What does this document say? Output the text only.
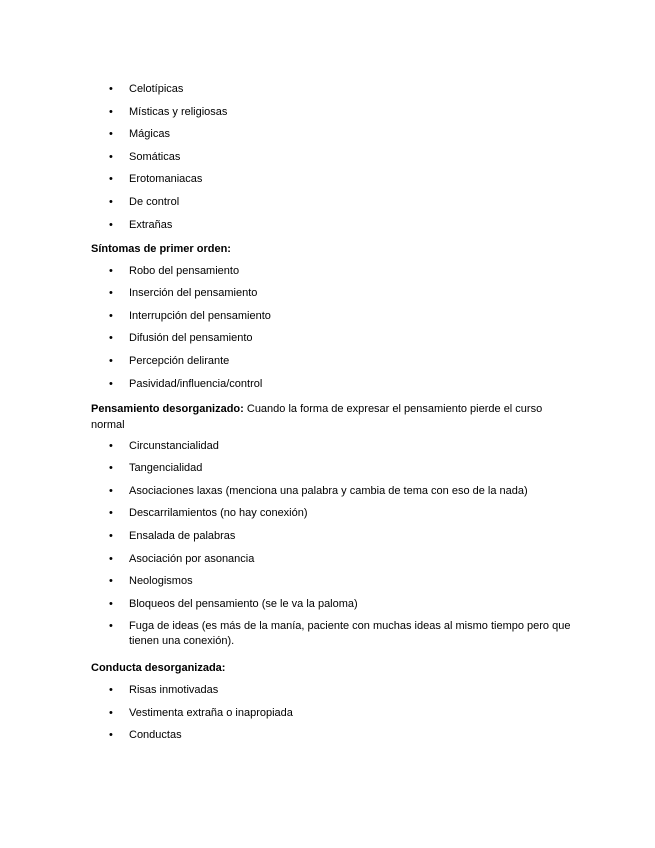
• Celotípicas
• Místicas y religiosas
• Mágicas
• Somáticas
• Erotomaniacas
• De control
• Extrañas
Síntomas de primer orden:
• Robo del pensamiento
• Inserción del pensamiento
• Interrupción del pensamiento
• Difusión del pensamiento
• Percepción delirante
• Pasividad/influencia/control
Pensamiento desorganizado: Cuando la forma de expresar el pensamiento pierde el curso normal
• Circunstancialidad
• Tangencialidad
• Asociaciones laxas (menciona una palabra y cambia de tema con eso de la nada)
• Descarrilamientos (no hay conexión)
• Ensalada de palabras
• Asociación por asonancia
• Neologismos
• Bloqueos del pensamiento (se le va la paloma)
• Fuga de ideas (es más de la manía, paciente con muchas ideas al mismo tiempo pero que tienen una conexión).
Conducta desorganizada:
• Risas inmotivadas
• Vestimenta extraña o inapropiada
• Conductas
